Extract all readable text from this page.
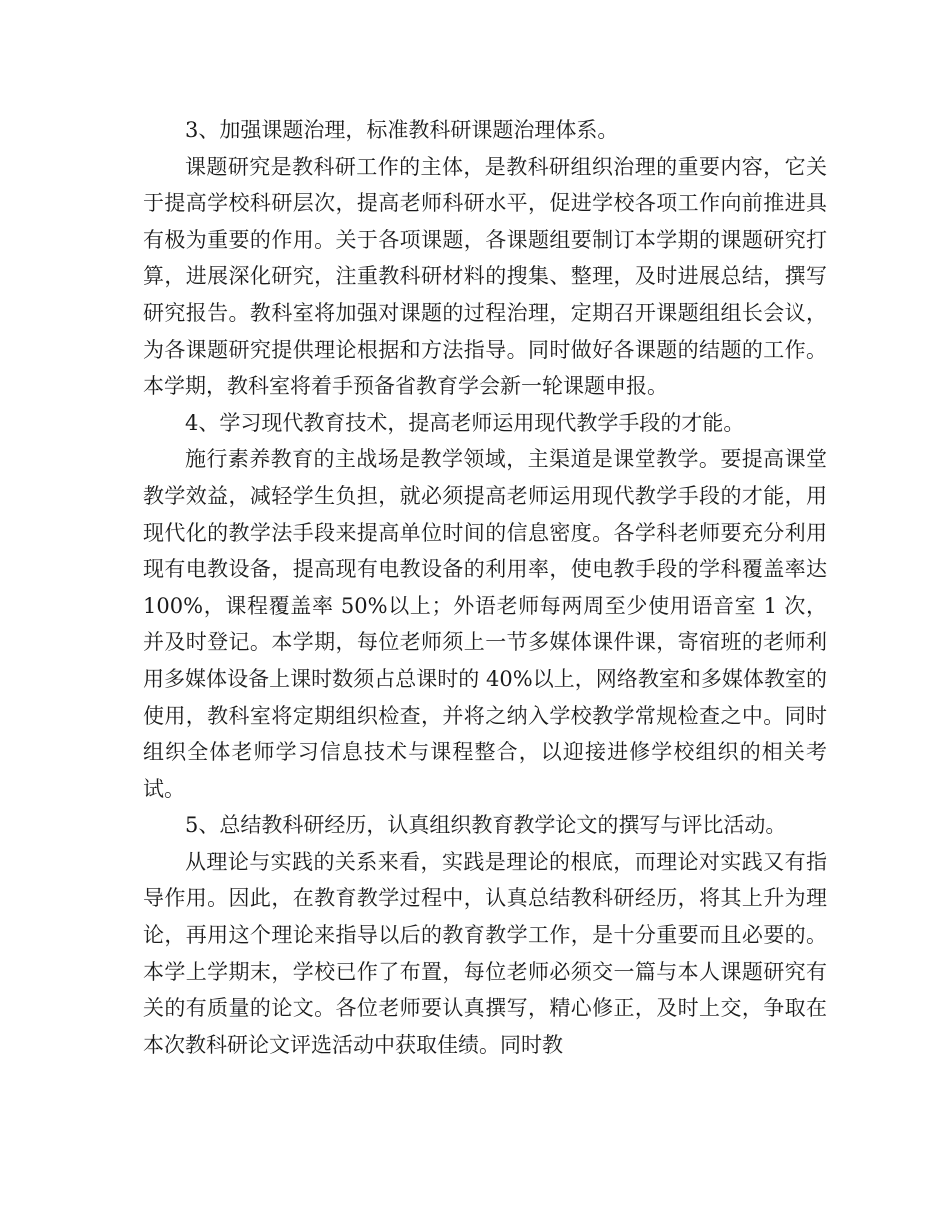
3、加强课题治理，标准教科研课题治理体系。

课题研究是教科研工作的主体，是教科研组织治理的重要内容，它关于提高学校科研层次，提高老师科研水平，促进学校各项工作向前推进具有极为重要的作用。关于各项课题，各课题组要制订本学期的课题研究打算，进展深化研究，注重教科研材料的搜集、整理，及时进展总结，撰写研究报告。教科室将加强对课题的过程治理，定期召开课题组组长会议，为各课题研究提供理论根据和方法指导。同时做好各课题的结题的工作。本学期，教科室将着手预备省教育学会新一轮课题申报。

4、学习现代教育技术，提高老师运用现代教学手段的才能。

施行素养教育的主战场是教学领域，主渠道是课堂教学。要提高课堂教学效益，减轻学生负担，就必须提高老师运用现代教学手段的才能，用现代化的教学法手段来提高单位时间的信息密度。各学科老师要充分利用现有电教设备，提高现有电教设备的利用率，使电教手段的学科覆盖率达 100%，课程覆盖率 50%以上；外语老师每两周至少使用语音室 1 次，并及时登记。本学期，每位老师须上一节多媒体课件课，寄宿班的老师利用多媒体设备上课时数须占总课时的 40%以上，网络教室和多媒体教室的使用，教科室将定期组织检查，并将之纳入学校教学常规检查之中。同时组织全体老师学习信息技术与课程整合，以迎接进修学校组织的相关考试。

5、总结教科研经历，认真组织教育教学论文的撰写与评比活动。

从理论与实践的关系来看，实践是理论的根底，而理论对实践又有指导作用。因此，在教育教学过程中，认真总结教科研经历，将其上升为理论，再用这个理论来指导以后的教育教学工作，是十分重要而且必要的。本学上学期末，学校已作了布置，每位老师必须交一篇与本人课题研究有关的有质量的论文。各位老师要认真撰写，精心修正，及时上交，争取在本次教科研论文评选活动中获取佳绩。同时教
